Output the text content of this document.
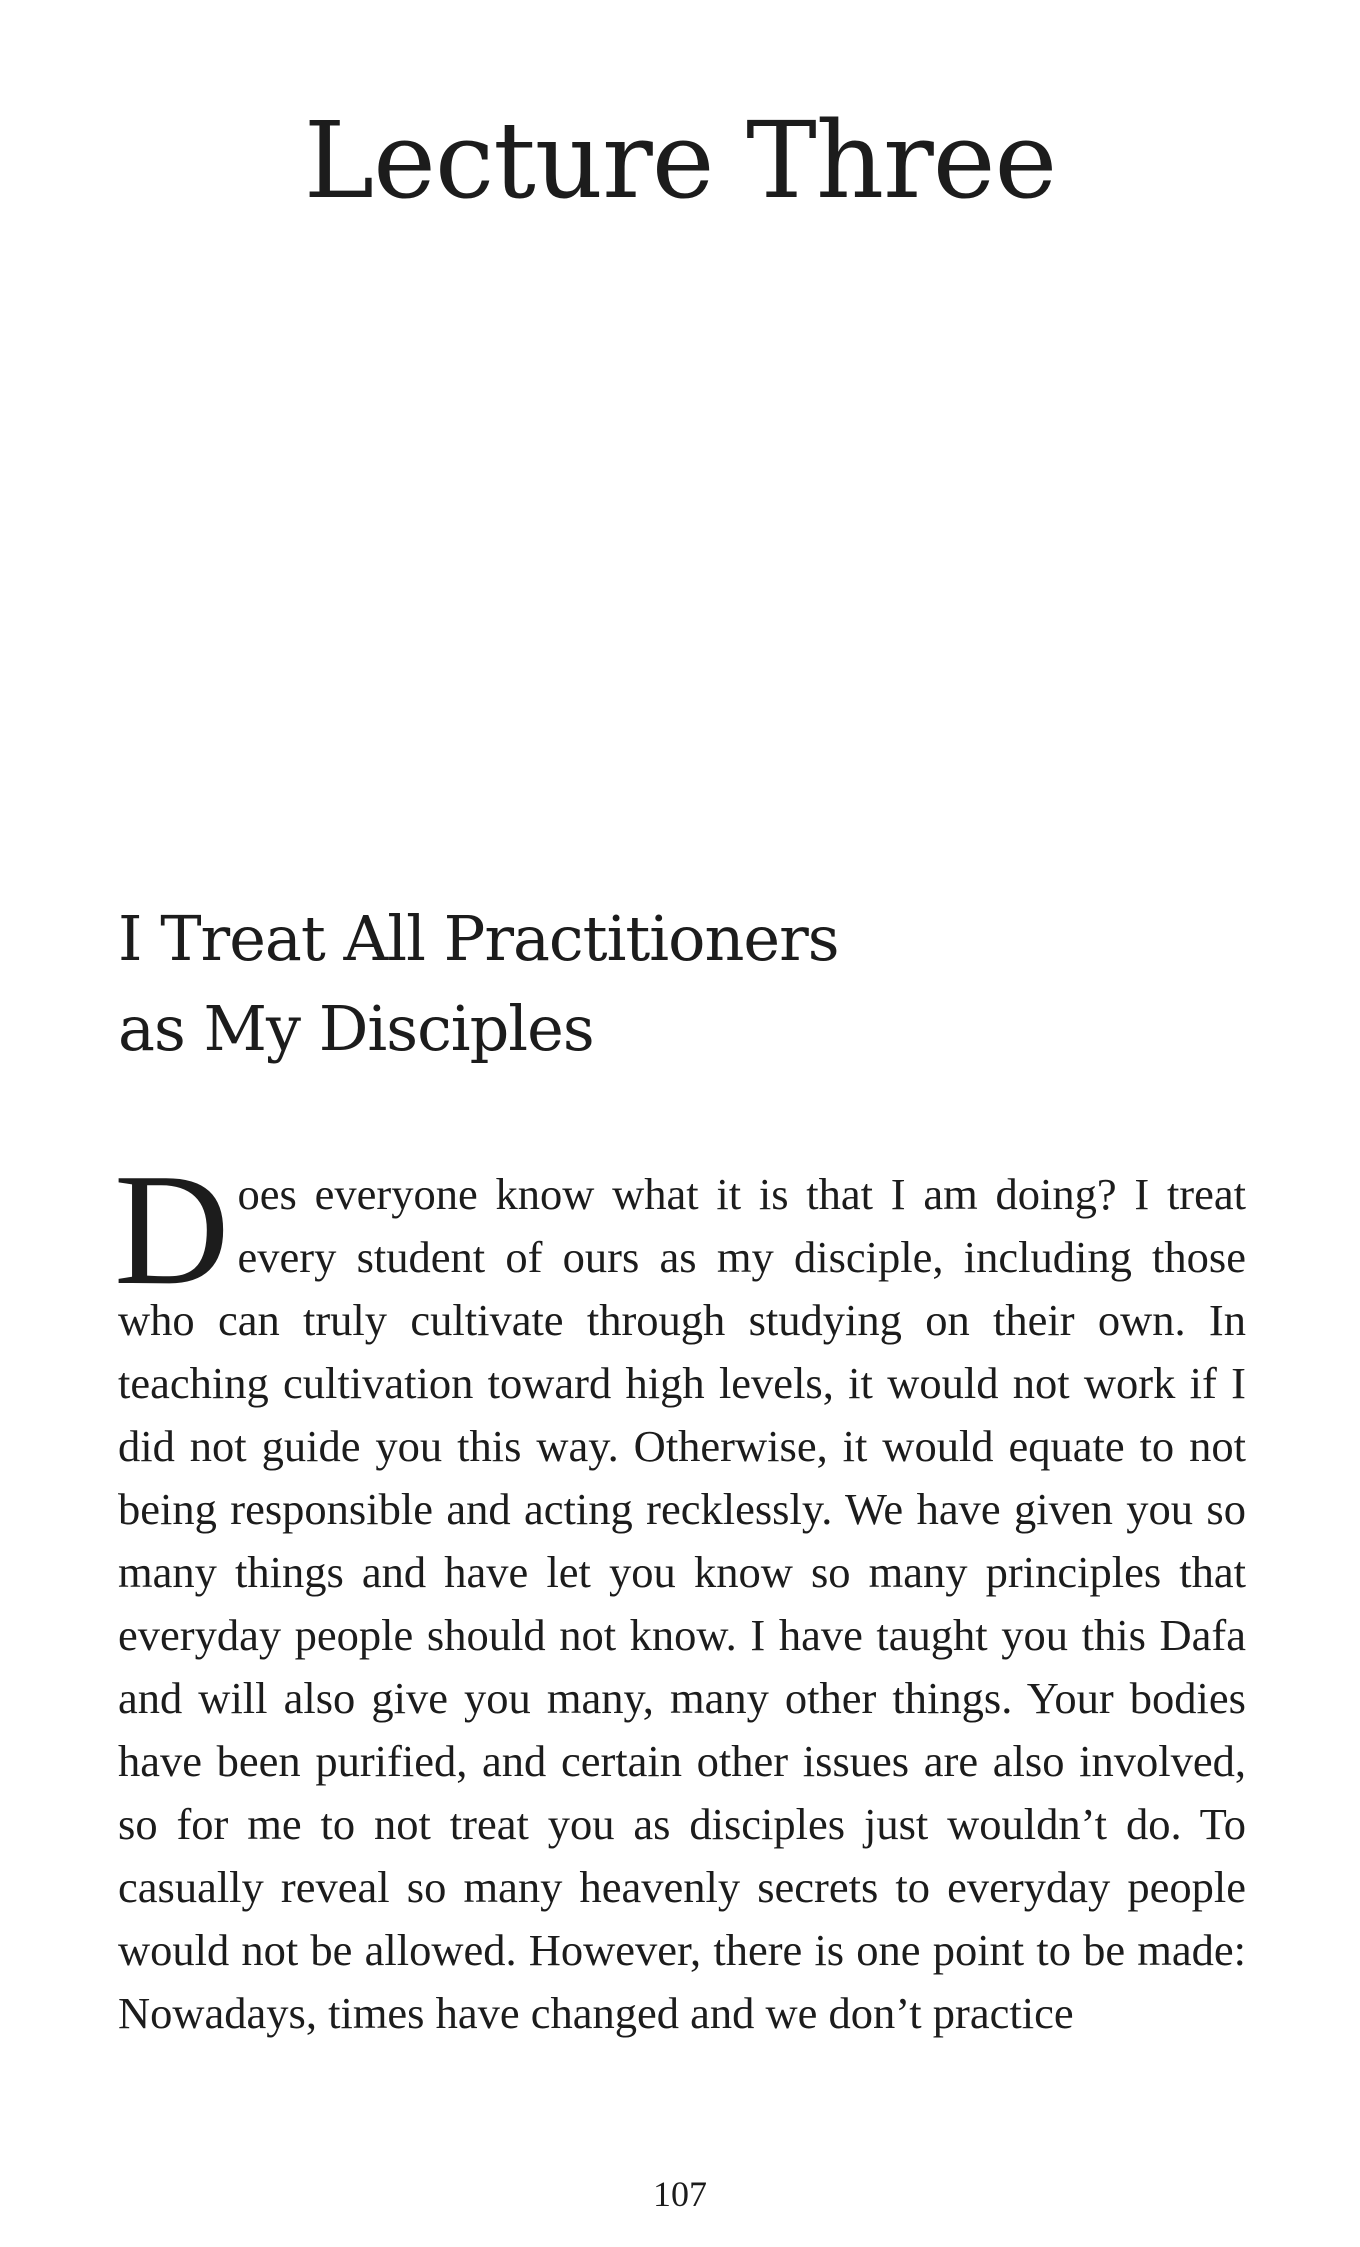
Lecture Three
I Treat All Practitioners
as My Disciples

Does everyone know what it is that I am doing? I treat every student of ours as my disciple, including those who can truly cultivate through studying on their own. In teaching cultivation toward high levels, it would not work if I did not guide you this way. Otherwise, it would equate to not being responsible and acting recklessly. We have given you so many things and have let you know so many principles that everyday people should not know. I have taught you this Dafa and will also give you many, many other things. Your bodies have been purified, and certain other issues are also involved, so for me to not treat you as disciples just wouldn’t do. To casually reveal so many heavenly secrets to everyday people would not be allowed. However, there is one point to be made: Nowadays, times have changed and we don’t practice

107
